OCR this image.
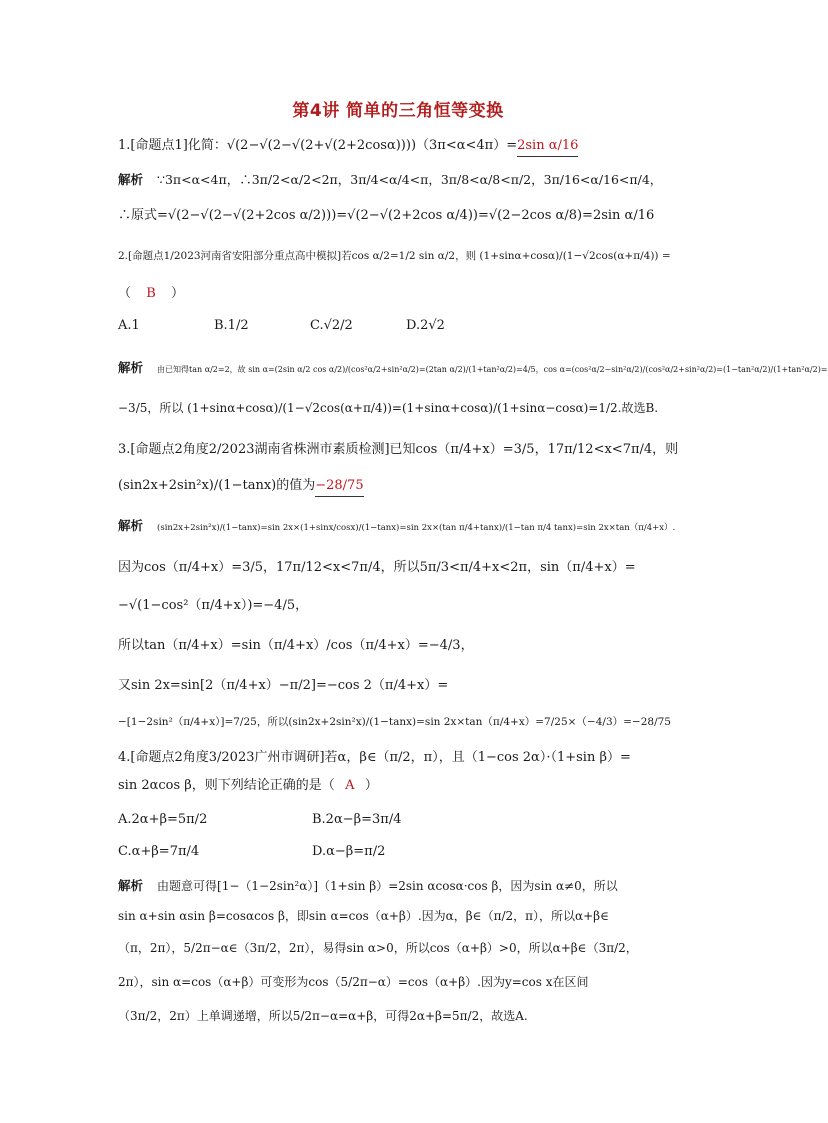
第4讲 简单的三角恒等变换
1.[命题点1]化简：√(2−√(2−√(2+√(2+2cosα))))（3π<α<4π）=2sin α/16
解析 ∵3π<α<4π，∴3π/2<α/2<2π，3π/4<α/4<π，3π/8<α/8<π/2，3π/16<α/16<π/4，
∴原式=√(2−√(2−√(2+2cos α/2)))=√(2−√(2+2cos α/4))=√(2−2cos α/8)=2sin α/16
2.[命题点1/2023河南省安阳部分重点高中模拟]若cos α/2=1/2 sin α/2，则 (1+sinα+cosα)/(1−√2cos(α+π/4)) =
（ B ）
A.1	B.1/2	C.√2/2	D.2√2
解析 由已知得tan α/2=2，故 sin α=(2sin α/2 cos α/2)/(cos²α/2+sin²α/2)=(2tan α/2)/(1+tan²α/2)=4/5，cos α=(cos²α/2−sin²α/2)/(cos²α/2+sin²α/2)=(1−tan²α/2)/(1+tan²α/2)=
−3/5，所以 (1+sinα+cosα)/(1−√2cos(α+π/4))=(1+sinα+cosα)/(1+sinα−cosα)=1/2.故选B.
3.[命题点2角度2/2023湖南省株洲市素质检测]已知cos（π/4+x）=3/5，17π/12<x<7π/4，则
(sin2x+2sin²x)/(1−tanx)的值为−28/75
解析 (sin2x+2sin²x)/(1−tanx)=sin 2x×(1+sinx/cosx)/(1−tanx)=sin 2x×(tan π/4+tanx)/(1−tan π/4 tanx)=sin 2x×tan（π/4+x）.
因为cos（π/4+x）=3/5，17π/12<x<7π/4，所以5π/3<π/4+x<2π，sin（π/4+x）=
−√(1−cos²（π/4+x）)=−4/5，
所以tan（π/4+x）=sin（π/4+x）/cos（π/4+x）=−4/3，
又sin 2x=sin[2（π/4+x）−π/2]=−cos 2（π/4+x）=
−[1−2sin²（π/4+x）]=7/25，所以(sin2x+2sin²x)/(1−tanx)=sin 2x×tan（π/4+x）=7/25×（−4/3）=−28/75
4.[命题点2角度3/2023广州市调研]若α，β∈（π/2，π），且（1−cos 2α）·（1+sin β）=
sin 2αcos β，则下列结论正确的是（ A ）
A.2α+β=5π/2	B.2α−β=3π/4
C.α+β=7π/4	D.α−β=π/2
解析 由题意可得[1−（1−2sin²α）]（1+sin β）=2sin αcosα·cos β，因为sin α≠0，所以
sin α+sin αsin β=cosαcos β，即sin α=cos（α+β）.因为α，β∈（π/2，π），所以α+β∈
（π，2π），5/2π−α∈（3π/2，2π），易得sin α>0，所以cos（α+β）>0，所以α+β∈（3π/2，
2π），sin α=cos（α+β）可变形为cos（5/2π−α）=cos（α+β）.因为y=cos x在区间
（3π/2，2π）上单调递增，所以5/2π−α=α+β，可得2α+β=5π/2，故选A.
